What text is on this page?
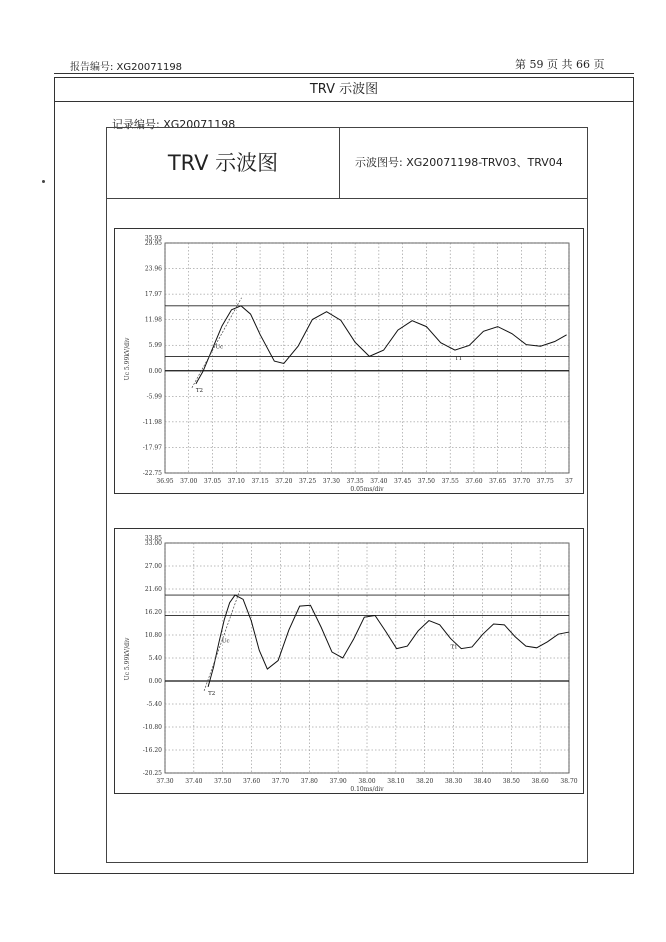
报告编号: XG20071198	第 59 页 共 66 页
TRV 示波图
记录编号: XG20071198
TRV 示波图	示波图号: XG20071198-TRV03、TRV04
36.95 37.00 37.05 37.10 37.15 37.20 37.25 37.30 37.35 37.40 37.45 37.50 37.55 37.60 37.65 37.70 37.75 37
29.95
23.96
17.97
11.98
5.99
0.00
-5.99
-11.98
-17.97
-22.75
35.93
Uc 5.99kV/div
0.05ms/div
Uc
T2
T1
37.30 37.40 37.50 37.60 37.70 37.80 37.90 38.00 38.10 38.20 38.30 38.40 38.50 38.60 38.70
33.00
27.00
21.60
16.20
10.80
5.40
0.00
-5.40
-10.80
-16.20
-20.25
33.85
Uc 5.99kV/div
0.10ms/div
Uc
T2
T1
